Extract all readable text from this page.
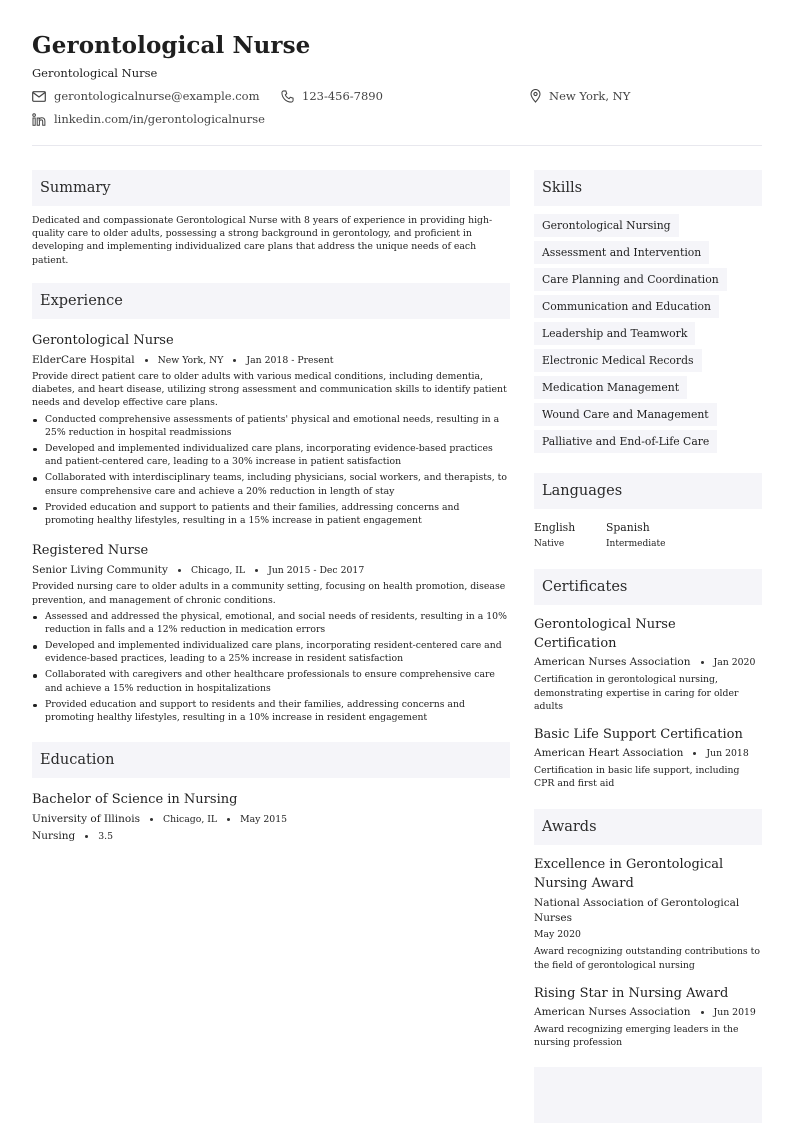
Gerontological Nurse
Gerontological Nurse
gerontologicalnurse@example.com	123-456-7890	New York, NY
linkedin.com/in/gerontologicalnurse
Summary
Dedicated and compassionate Gerontological Nurse with 8 years of experience in providing high-quality care to older adults, possessing a strong background in gerontology, and proficient in developing and implementing individualized care plans that address the unique needs of each patient.
Experience
Gerontological Nurse
ElderCare Hospital New York, NY Jan 2018 - Present
Provide direct patient care to older adults with various medical conditions, including dementia, diabetes, and heart disease, utilizing strong assessment and communication skills to identify patient needs and develop effective care plans.
Conducted comprehensive assessments of patients' physical and emotional needs, resulting in a 25% reduction in hospital readmissions
Developed and implemented individualized care plans, incorporating evidence-based practices and patient-centered care, leading to a 30% increase in patient satisfaction
Collaborated with interdisciplinary teams, including physicians, social workers, and therapists, to ensure comprehensive care and achieve a 20% reduction in length of stay
Provided education and support to patients and their families, addressing concerns and promoting healthy lifestyles, resulting in a 15% increase in patient engagement
Registered Nurse
Senior Living Community Chicago, IL Jun 2015 - Dec 2017
Provided nursing care to older adults in a community setting, focusing on health promotion, disease prevention, and management of chronic conditions.
Assessed and addressed the physical, emotional, and social needs of residents, resulting in a 10% reduction in falls and a 12% reduction in medication errors
Developed and implemented individualized care plans, incorporating resident-centered care and evidence-based practices, leading to a 25% increase in resident satisfaction
Collaborated with caregivers and other healthcare professionals to ensure comprehensive care and achieve a 15% reduction in hospitalizations
Provided education and support to residents and their families, addressing concerns and promoting healthy lifestyles, resulting in a 10% increase in resident engagement
Education
Bachelor of Science in Nursing
University of Illinois Chicago, IL May 2015
Nursing 3.5
Skills
Gerontological Nursing
Assessment and Intervention
Care Planning and Coordination
Communication and Education
Leadership and Teamwork
Electronic Medical Records
Medication Management
Wound Care and Management
Palliative and End-of-Life Care
Languages
English
Native
Spanish
Intermediate
Certificates
Gerontological Nurse Certification
American Nurses Association Jan 2020
Certification in gerontological nursing, demonstrating expertise in caring for older adults
Basic Life Support Certification
American Heart Association Jun 2018
Certification in basic life support, including CPR and first aid
Awards
Excellence in Gerontological Nursing Award
National Association of Gerontological Nurses
May 2020
Award recognizing outstanding contributions to the field of gerontological nursing
Rising Star in Nursing Award
American Nurses Association Jun 2019
Award recognizing emerging leaders in the nursing profession
